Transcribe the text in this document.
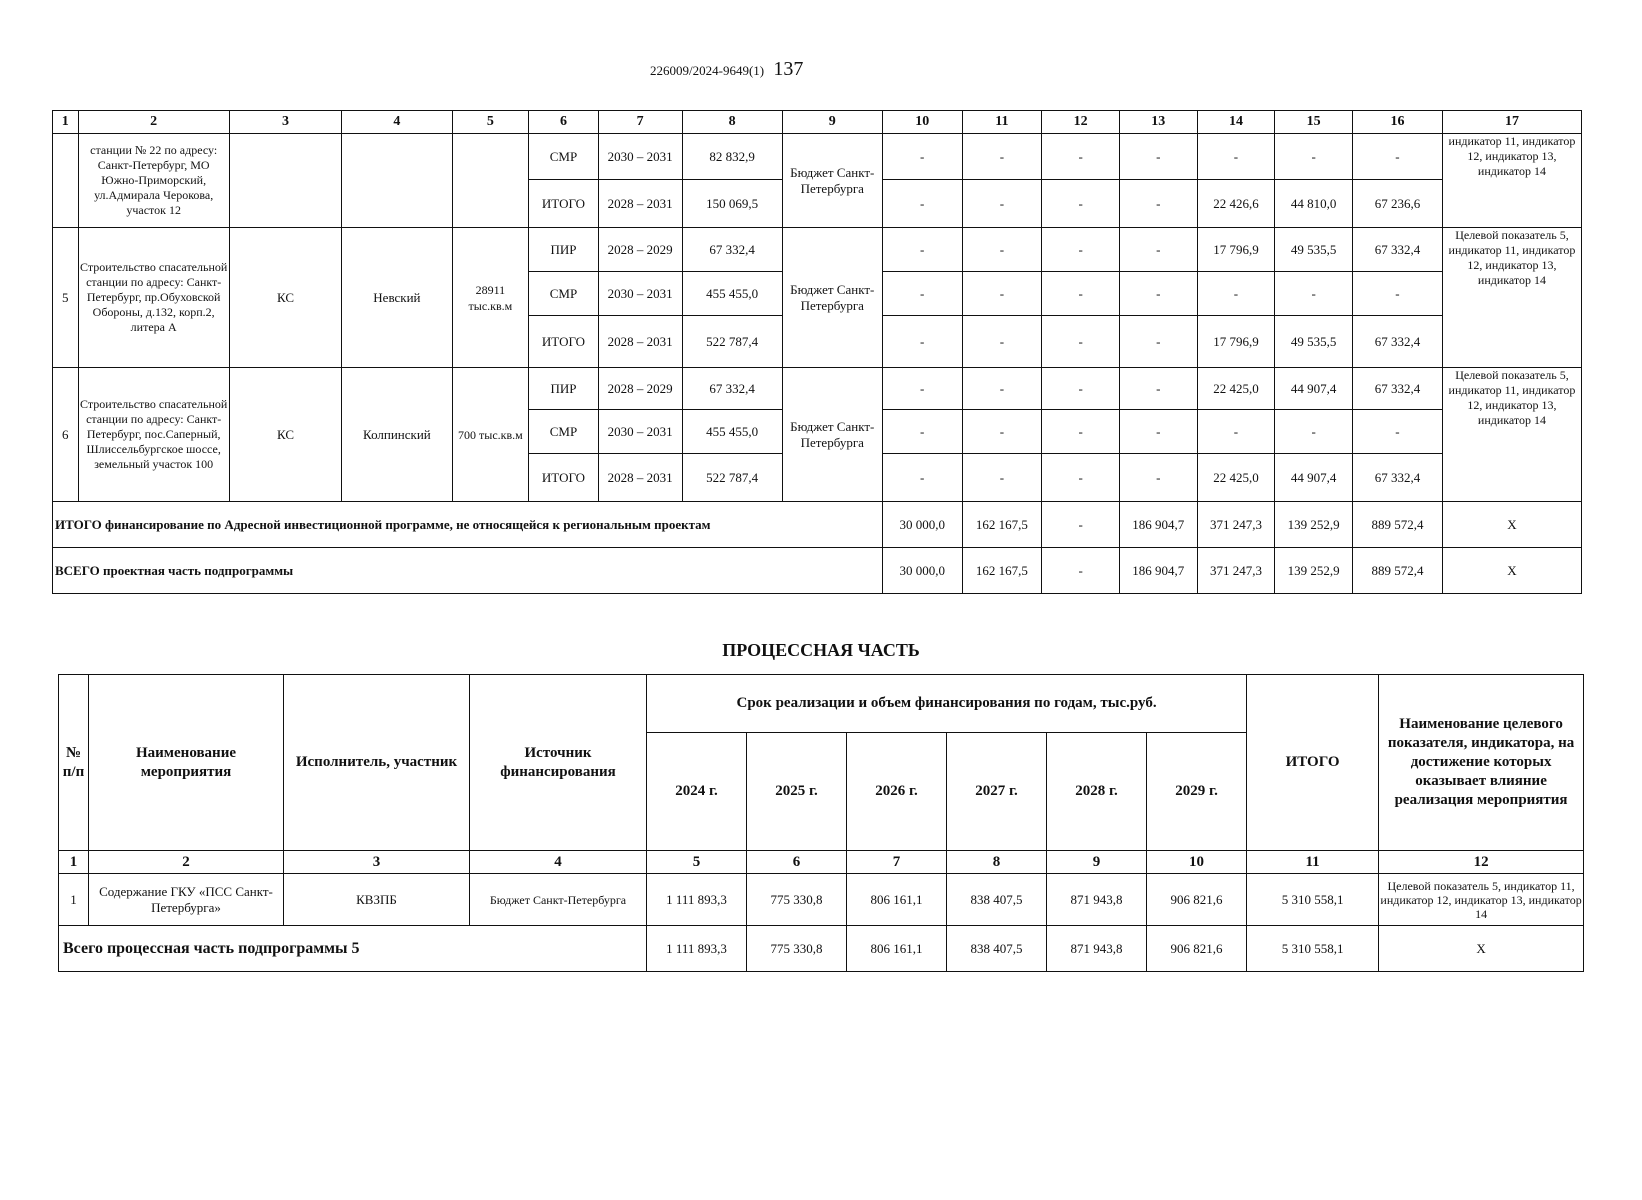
226009/2024-9649(1) 137
1	2	3	4	5	6	7	8	9	10	11	12	13	14	15	16	17
	станции № 22 по адресу: Санкт-Петербург, МО Южно-Приморский, ул.Адмирала Черокова, участок 12				СМР	2030 – 2031	82 832,9	Бюджет Санкт-Петербурга	-	-	-	-	-	-	-	индикатор 11, индикатор 12, индикатор 13, индикатор 14
					ИТОГО	2028 – 2031	150 069,5		-	-	-	-	22 426,6	44 810,0	67 236,6	
5	Строительство спасательной станции по адресу: Санкт-Петербург, пр.Обуховской Обороны, д.132, корп.2, литера А	КС	Невский	28911 тыс.кв.м	ПИР	2028 – 2029	67 332,4	Бюджет Санкт-Петербурга	-	-	-	-	17 796,9	49 535,5	67 332,4	Целевой показатель 5, индикатор 11, индикатор 12, индикатор 13, индикатор 14
					СМР	2030 – 2031	455 455,0		-	-	-	-	-	-	-	
					ИТОГО	2028 – 2031	522 787,4		-	-	-	-	17 796,9	49 535,5	67 332,4	
6	Строительство спасательной станции по адресу: Санкт-Петербург, пос.Саперный, Шлиссельбургское шоссе, земельный участок 100	КС	Колпинский	700 тыс.кв.м	ПИР	2028 – 2029	67 332,4	Бюджет Санкт-Петербурга	-	-	-	-	22 425,0	44 907,4	67 332,4	Целевой показатель 5, индикатор 11, индикатор 12, индикатор 13, индикатор 14
					СМР	2030 – 2031	455 455,0		-	-	-	-	-	-	-	
					ИТОГО	2028 – 2031	522 787,4		-	-	-	-	22 425,0	44 907,4	67 332,4	
ИТОГО финансирование по Адресной инвестиционной программе, не относящейся к региональным проектам									30 000,0	162 167,5	-	186 904,7	371 247,3	139 252,9	889 572,4	X
ВСЕГО проектная часть подпрограммы									30 000,0	162 167,5	-	186 904,7	371 247,3	139 252,9	889 572,4	X
ПРОЦЕССНАЯ ЧАСТЬ
№ п/п	Наименование мероприятия	Исполнитель, участник	Источник финансирования	Срок реализации и объем финансирования по годам, тыс.руб.						ИТОГО	Наименование целевого показателя, индикатора, на достижение которых оказывает влияние реализация мероприятия
				2024 г.	2025 г.	2026 г.	2027 г.	2028 г.	2029 г.		
1	2	3	4	5	6	7	8	9	10	11	12
1	Содержание ГКУ «ПСС Санкт-Петербурга»	КВЗПБ	Бюджет Санкт-Петербурга	1 111 893,3	775 330,8	806 161,1	838 407,5	871 943,8	906 821,6	5 310 558,1	Целевой показатель 5, индикатор 11, индикатор 12, индикатор 13, индикатор 14
Всего процессная часть подпрограммы 5				1 111 893,3	775 330,8	806 161,1	838 407,5	871 943,8	906 821,6	5 310 558,1	X
